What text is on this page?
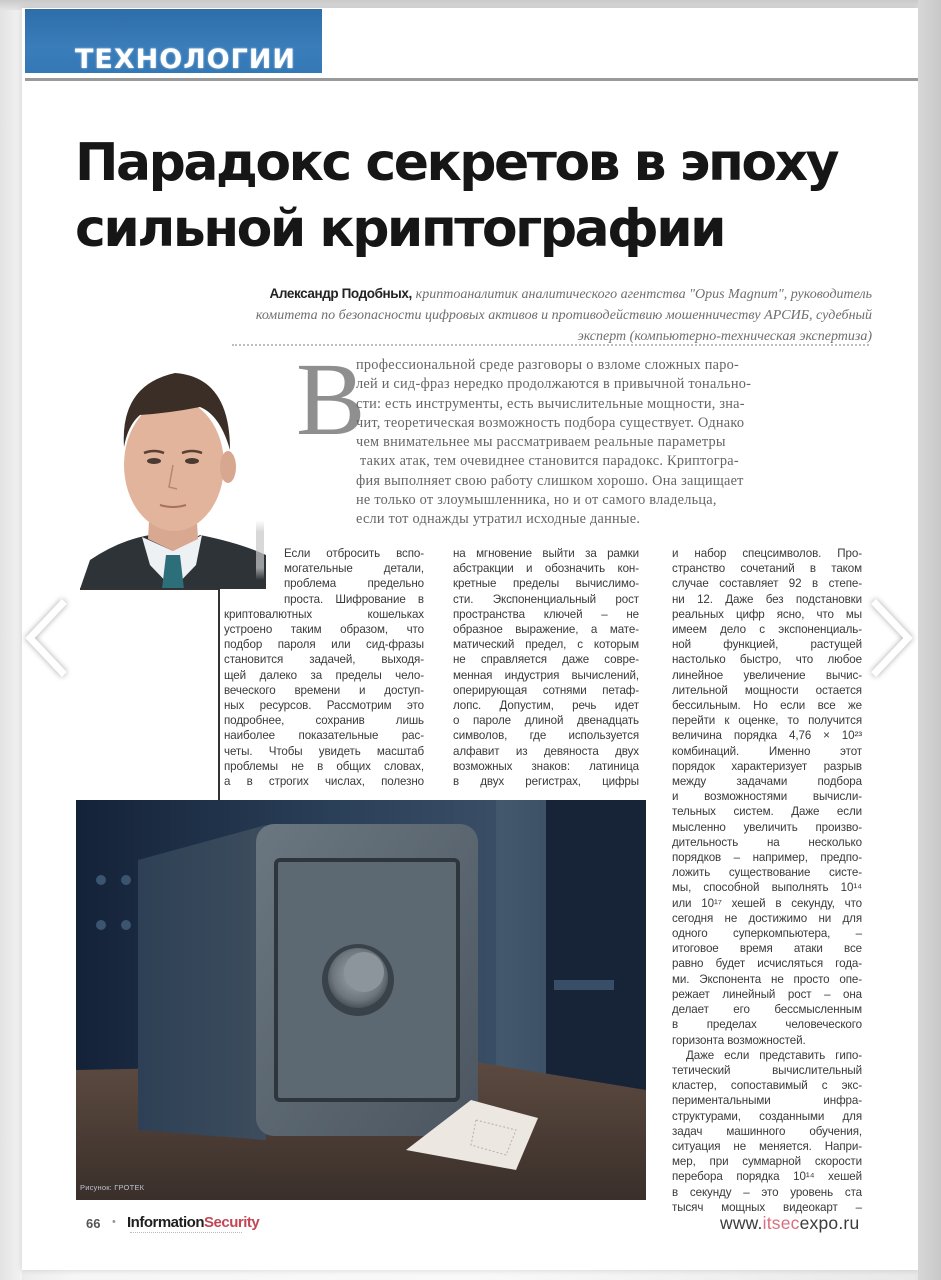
ТЕХНОЛОГИИ
Парадокс секретов в эпоху
сильной криптографии
Александр Подобных, криптоаналитик аналитического агентства "Opus Magnum", руководитель комитета по безопасности цифровых активов и противодействию мошенничеству АРСИБ, судебный эксперт (компьютерно-техническая экспертиза)
В
профессиональной среде разговоры о взломе сложных паро-
лей и сид-фраз нередко продолжаются в привычной тонально-
сти: есть инструменты, есть вычислительные мощности, зна-
чит, теоретическая возможность подбора существует. Однако
чем внимательнее мы рассматриваем реальные параметры
таких атак, тем очевиднее становится парадокс. Криптогра-
фия выполняет свою работу слишком хорошо. Она защищает
не только от злоумышленника, но и от самого владельца,
если тот однажды утратил исходные данные.
Если отбросить вспо-
могательные детали,
проблема предельно
проста. Шифрование в
криптовалютных кошельках
устроено таким образом, что
подбор пароля или сид-фразы
становится задачей, выходя-
щей далеко за пределы чело-
веческого времени и доступ-
ных ресурсов. Рассмотрим это
подробнее, сохранив лишь
наиболее показательные рас-
четы. Чтобы увидеть масштаб
проблемы не в общих словах,
а в строгих числах, полезно
на мгновение выйти за рамки
абстракции и обозначить кон-
кретные пределы вычислимо-
сти. Экспоненциальный рост
пространства ключей – не
образное выражение, а мате-
матический предел, с которым
не справляется даже совре-
менная индустрия вычислений,
оперирующая сотнями петаф-
лопс. Допустим, речь идет
о пароле длиной двенадцать
символов, где используется
алфавит из девяноста двух
возможных знаков: латиница
в двух регистрах, цифры
и набор спецсимволов. Про-
странство сочетаний в таком
случае составляет 92 в степе-
ни 12. Даже без подстановки
реальных цифр ясно, что мы
имеем дело с экспоненциаль-
ной функцией, растущей
настолько быстро, что любое
линейное увеличение вычис-
лительной мощности остается
бессильным. Но если все же
перейти к оценке, то получится
величина порядка 4,76 × 10²³
комбинаций. Именно этот
порядок характеризует разрыв
между задачами подбора
и возможностями вычисли-
тельных систем. Даже если
мысленно увеличить произво-
дительность на несколько
порядков – например, предпо-
ложить существование систе-
мы, способной выполнять 10¹⁴
или 10¹⁷ хешей в секунду, что
сегодня не достижимо ни для
одного суперкомпьютера, –
итоговое время атаки все
равно будет исчисляться года-
ми. Экспонента не просто опе-
режает линейный рост – она
делает его бессмысленным
в пределах человеческого
горизонта возможностей.
Даже если представить гипо-
тетический вычислительный
кластер, сопоставимый с экс-
периментальными инфра-
структурами, созданными для
задач машинного обучения,
ситуация не меняется. Напри-
мер, при суммарной скорости
перебора порядка 10¹⁴ хешей
в секунду – это уровень ста
тысяч мощных видеокарт –
Рисунок: ГРОТЕК
66 • InformationSecurity	www.itsecexpo.ru
